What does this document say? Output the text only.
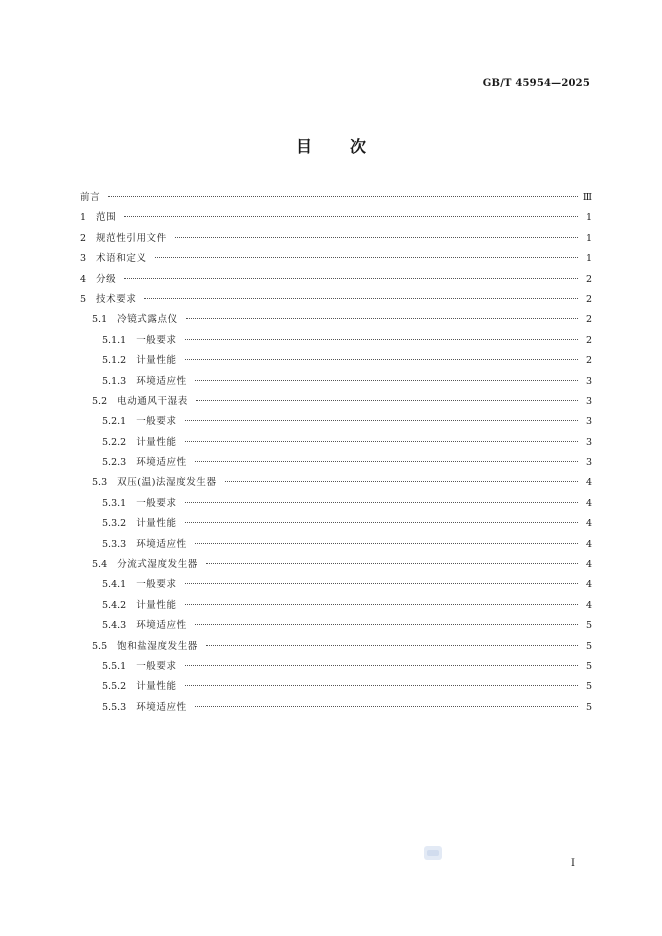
GB/T 45954—2025
目次
前言	Ⅲ
1 范围	1
2 规范性引用文件	1
3 术语和定义	1
4 分级	2
5 技术要求	2
5.1 冷镜式露点仪	2
5.1.1 一般要求	2
5.1.2 计量性能	2
5.1.3 环境适应性	3
5.2 电动通风干湿表	3
5.2.1 一般要求	3
5.2.2 计量性能	3
5.2.3 环境适应性	3
5.3 双压(温)法湿度发生器	4
5.3.1 一般要求	4
5.3.2 计量性能	4
5.3.3 环境适应性	4
5.4 分流式湿度发生器	4
5.4.1 一般要求	4
5.4.2 计量性能	4
5.4.3 环境适应性	5
5.5 饱和盐湿度发生器	5
5.5.1 一般要求	5
5.5.2 计量性能	5
5.5.3 环境适应性	5
I
